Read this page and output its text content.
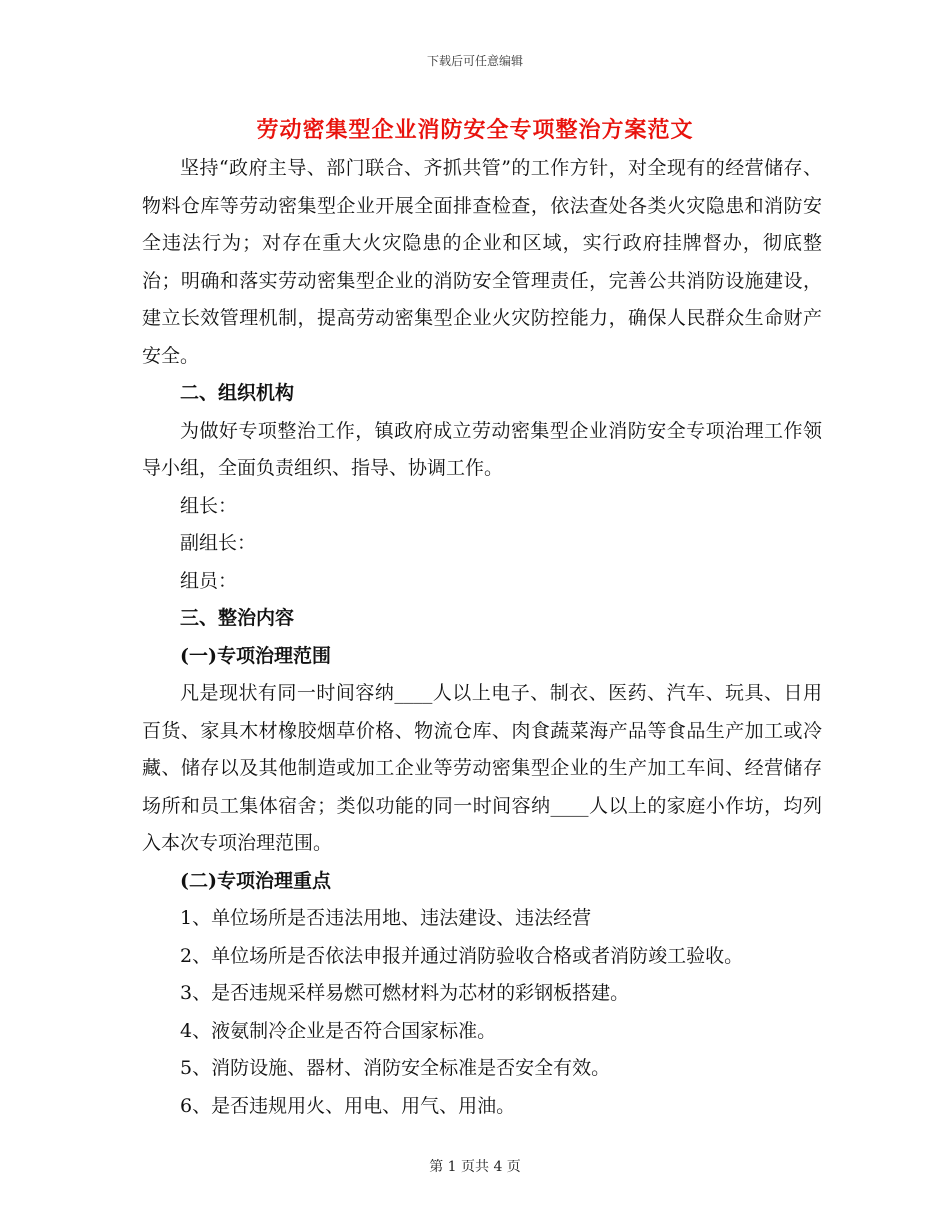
下载后可任意编辑
劳动密集型企业消防安全专项整治方案范文

坚持“政府主导、部门联合、齐抓共管”的工作方针，对全现有的经营储存、物料仓库等劳动密集型企业开展全面排查检查，依法查处各类火灾隐患和消防安全违法行为；对存在重大火灾隐患的企业和区域，实行政府挂牌督办，彻底整治；明确和落实劳动密集型企业的消防安全管理责任，完善公共消防设施建设，建立长效管理机制，提高劳动密集型企业火灾防控能力，确保人民群众生命财产安全。

二、组织机构

为做好专项整治工作，镇政府成立劳动密集型企业消防安全专项治理工作领导小组，全面负责组织、指导、协调工作。

组长：

副组长：

组员：

三、整治内容

(一)专项治理范围

凡是现状有同一时间容纳____人以上电子、制衣、医药、汽车、玩具、日用百货、家具木材橡胶烟草价格、物流仓库、肉食蔬菜海产品等食品生产加工或冷藏、储存以及其他制造或加工企业等劳动密集型企业的生产加工车间、经营储存场所和员工集体宿舍；类似功能的同一时间容纳____人以上的家庭小作坊，均列入本次专项治理范围。

(二)专项治理重点

1、单位场所是否违法用地、违法建设、违法经营

2、单位场所是否依法申报并通过消防验收合格或者消防竣工验收。

3、是否违规采样易燃可燃材料为芯材的彩钢板搭建。

4、液氨制冷企业是否符合国家标准。

5、消防设施、器材、消防安全标准是否安全有效。

6、是否违规用火、用电、用气、用油。

第 1 页共 4 页
